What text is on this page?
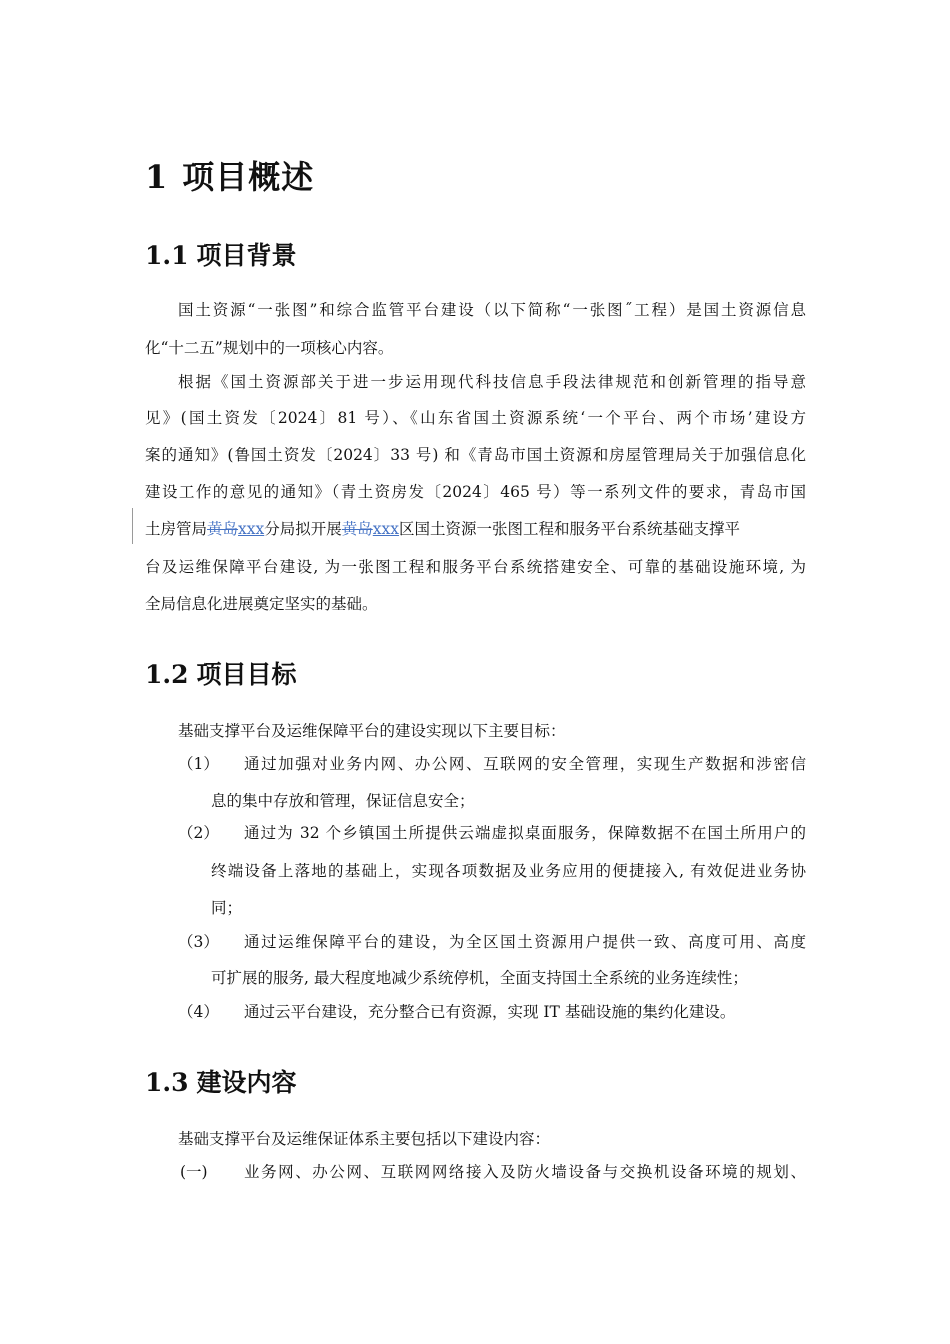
1 项目概述
1.1 项目背景

国土资源“一张图”和综合监管平台建设（以下简称“一张图˝工程）是国土资源信息

化“十二五”规划中的一项核心内容。

根据《国土资源部关于进一步运用现代科技信息手段法律规范和创新管理的指导意

见》(国土资发〔2024〕81 号）、《山东省国土资源系统‘一个平台、两个市场’建设方

案的通知》(鲁国土资发〔2024〕33 号) 和《青岛市国土资源和房屋管理局关于加强信息化

建设工作的意见的通知》（青土资房发〔2024〕465 号）等一系列文件的要求，青岛市国

土房管局 黄岛 xxx 分局拟开展 黄岛 xxx 区国土资源一张图工程和服务平台系统基础支撑平

台及运维保障平台建设, 为一张图工程和服务平台系统搭建安全、可靠的基础设施环境, 为

全局信息化进展奠定坚实的基础。

1.2 项目目标

基础支撑平台及运维保障平台的建设实现以下主要目标：

（1） 通过加强对业务内网、办公网、互联网的安全管理，实现生产数据和涉密信

息的集中存放和管理，保证信息安全；

（2） 通过为 32 个乡镇国土所提供云端虚拟桌面服务，保障数据不在国土所用户的

终端设备上落地的基础上，实现各项数据及业务应用的便捷接入, 有效促进业务协

同；

（3） 通过运维保障平台的建设，为全区国土资源用户提供一致、高度可用、高度

可扩展的服务, 最大程度地减少系统停机，全面支持国土全系统的业务连续性；

（4） 通过云平台建设，充分整合已有资源，实现 IT 基础设施的集约化建设。

1.3 建设内容

基础支撑平台及运维保证体系主要包括以下建设内容：

(一) 业务网、办公网、互联网网络接入及防火墙设备与交换机设备环境的规划、
